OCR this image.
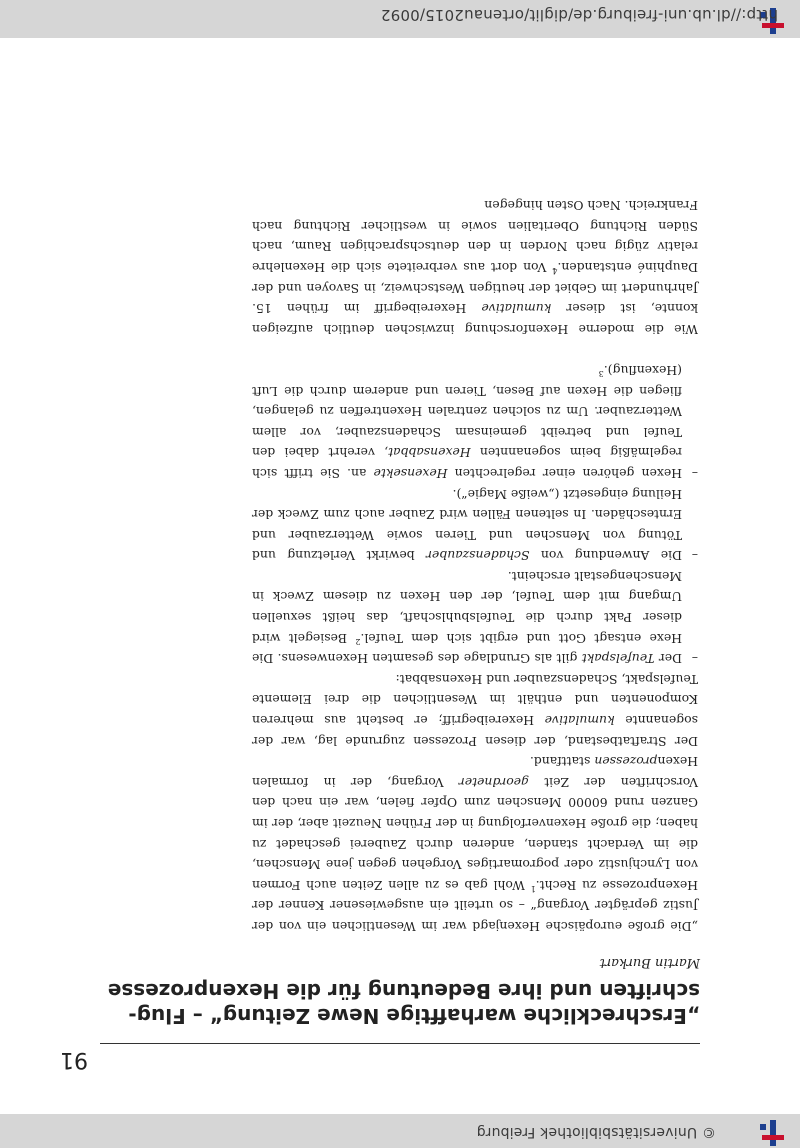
© Universitätsbibliothek Freiburg
91
„Erschreckliche warhafftige Newe Zeitung“ – Flug-schriften und ihre Bedeutung für die Hexenprozesse
Martin Burkart

„Die große europäische Hexenjagd war im Wesentlichen ein von der Justiz geprägter Vorgang“ – so urteilt ein ausgewiesener Kenner der Hexenprozesse zu Recht.$^1$ Wohl gab es zu allen Zeiten auch Formen von Lynchjustiz oder pogromartiges Vorgehen gegen jene Menschen, die im Verdacht standen, anderen durch Zauberei geschadet zu haben; die große Hexenverfolgung in der Frühen Neuzeit aber, der im Ganzen rund 60000 Menschen zum Opfer fielen, war ein nach den Vorschriften der Zeit geordneter Vorgang, der in formalen Hexenprozessen stattfand.

Der Straftatbestand, der diesen Prozessen zugrunde lag, war der sogenannte kumulative Hexereibegriff; er besteht aus mehreren Komponenten und enthält im Wesentlichen die drei Elemente Teufelspakt, Schadenszauber und Hexensabbat:

–
Der Teufelspakt gilt als Grundlage des gesamten Hexenwesens. Die Hexe entsagt Gott und ergibt sich dem Teufel.$^2$ Besiegelt wird dieser Pakt durch die Teufelsbuhlschaft, das heißt sexuellen Umgang mit dem Teufel, der den Hexen zu diesem Zweck in Menschengestalt erscheint.

–
Die Anwendung von Schadenszauber bewirkt Verletzung und Tötung von Menschen und Tieren sowie Wetterzauber und Ernteschäden. In seltenen Fällen wird Zauber auch zum Zweck der Heilung eingesetzt („weiße Magie“).

–
Hexen gehören einer regelrechten Hexensekte an. Sie trifft sich regelmäßig beim sogenannten Hexensabbat, verehrt dabei den Teufel und betreibt gemeinsam Schadenszauber, vor allem Wetterzauber. Um zu solchen zentralen Hexentreffen zu gelangen, fliegen die Hexen auf Besen, Tieren und anderem durch die Luft (Hexenflug).$^3$

Wie die moderne Hexenforschung inzwischen deutlich aufzeigen konnte, ist dieser kumulative Hexereibegriff im frühen 15. Jahrhundert im Gebiet der heutigen Westschweiz, in Savoyen und der Dauphiné entstanden.$^4$ Von dort aus verbreitete sich die Hexenlehre relativ zügig nach Norden in den deutschsprachigen Raum, nach Süden Richtung Oberitalien sowie in westlicher Richtung nach Frankreich. Nach Osten hingegen

http://dl.ub.uni-freiburg.de/diglit/ortenau2015/0092
